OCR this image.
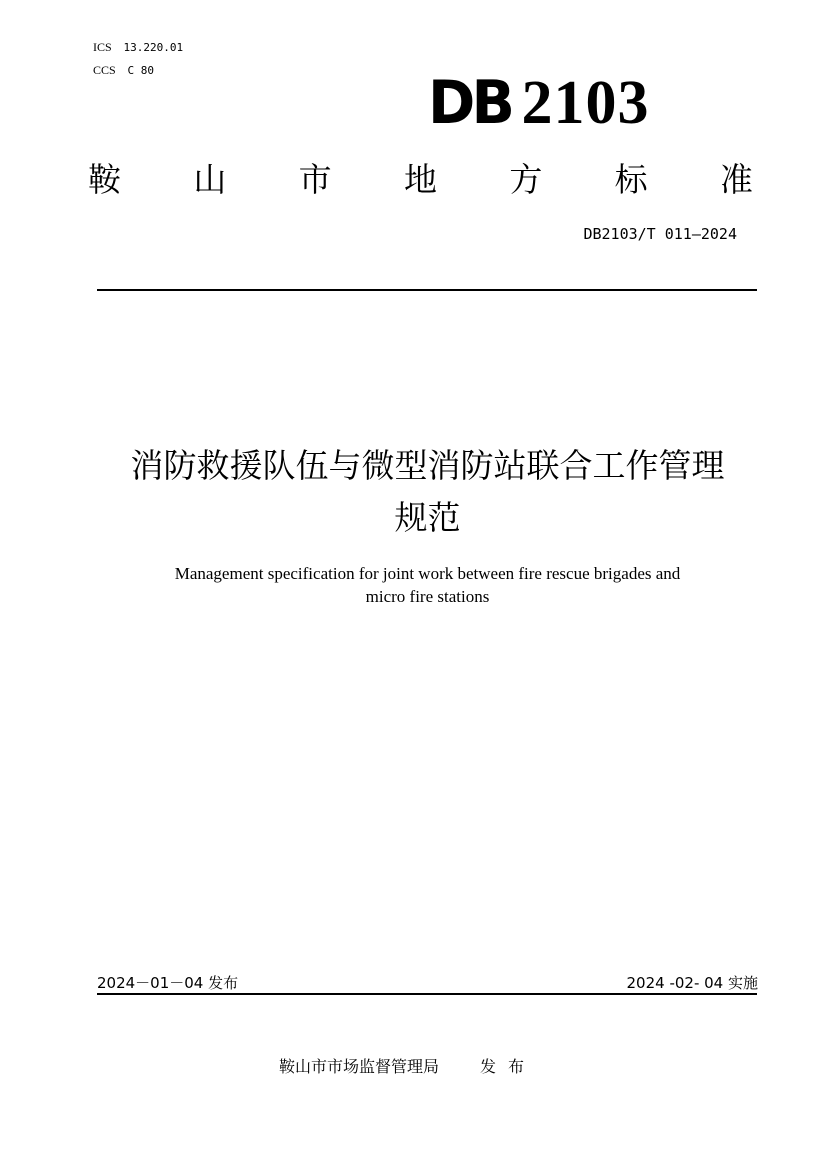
ICS 13.220.01
CCS C 80	DB 2103
鞍 山 市 地 方 标 准
DB2103/T 011—2024
消防救援队伍与微型消防站联合工作管理
规范
Management specification for joint work between fire rescue brigades and
micro fire stations
2024－01－04 发布	2024 -02- 04 实施
鞍山市市场监督管理局	发布
